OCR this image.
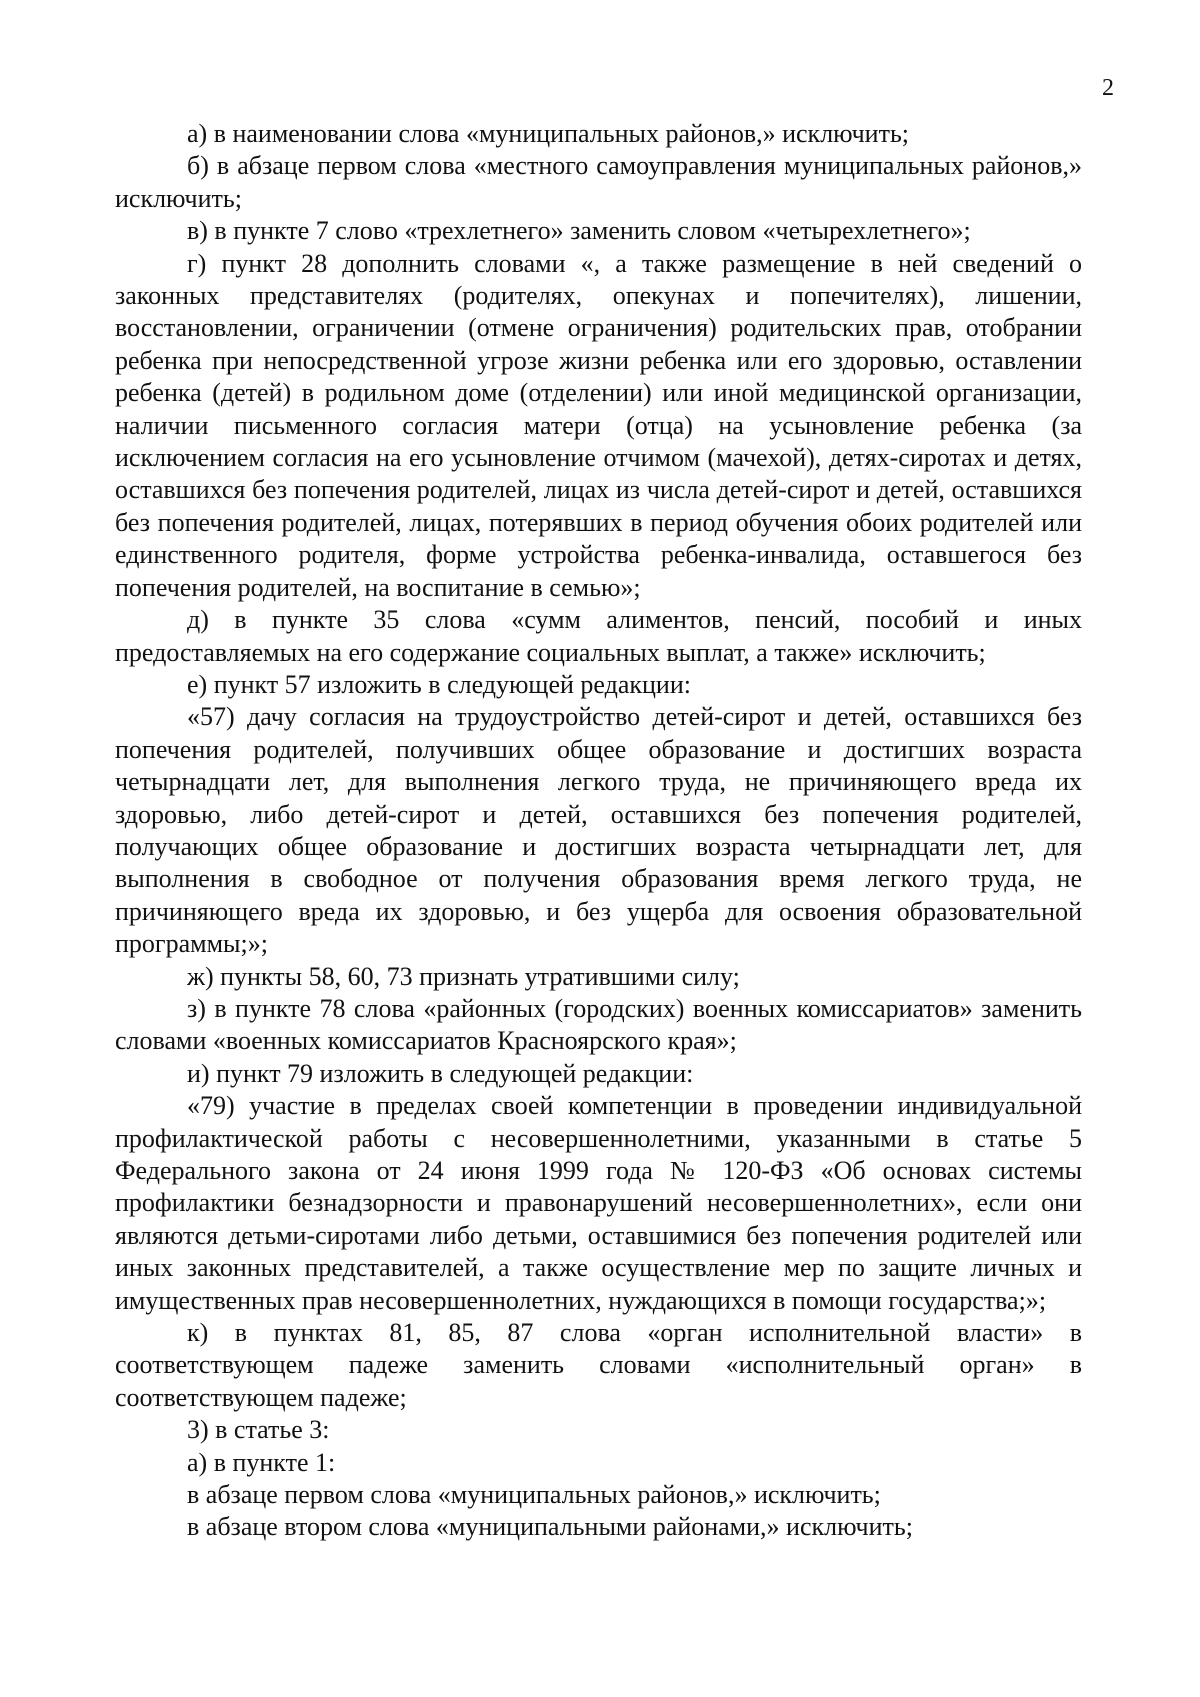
2

а) в наименовании слова «муниципальных районов,» исключить;

б) в абзаце первом слова «местного самоуправления муниципальных районов,» исключить;

в) в пункте 7 слово «трехлетнего» заменить словом «четырехлетнего»;

г) пункт 28 дополнить словами «, а также размещение в ней сведений о законных представителях (родителях, опекунах и попечителях), лишении, восстановлении, ограничении (отмене ограничения) родительских прав, отобрании ребенка при непосредственной угрозе жизни ребенка или его здоровью, оставлении ребенка (детей) в родильном доме (отделении) или иной медицинской организации, наличии письменного согласия матери (отца) на усыновление ребенка (за исключением согласия на его усыновление отчимом (мачехой), детях-сиротах и детях, оставшихся без попечения родителей, лицах из числа детей-сирот и детей, оставшихся без попечения родителей, лицах, потерявших в период обучения обоих родителей или единственного родителя, форме устройства ребенка-инвалида, оставшегося без попечения родителей, на воспитание в семью»;

д) в пункте 35 слова «сумм алиментов, пенсий, пособий и иных предоставляемых на его содержание социальных выплат, а также» исключить;

е) пункт 57 изложить в следующей редакции:

«57) дачу согласия на трудоустройство детей-сирот и детей, оставшихся без попечения родителей, получивших общее образование и достигших возраста четырнадцати лет, для выполнения легкого труда, не причиняющего вреда их здоровью, либо детей-сирот и детей, оставшихся без попечения родителей, получающих общее образование и достигших возраста четырнадцати лет, для выполнения в свободное от получения образования время легкого труда, не причиняющего вреда их здоровью, и без ущерба для освоения образовательной программы;»;

ж) пункты 58, 60, 73 признать утратившими силу;

з) в пункте 78 слова «районных (городских) военных комиссариатов» заменить словами «военных комиссариатов Красноярского края»;

и) пункт 79 изложить в следующей редакции:

«79) участие в пределах своей компетенции в проведении индивидуальной профилактической работы с несовершеннолетними, указанными в статье 5 Федерального закона от 24 июня 1999 года № 120-ФЗ «Об основах системы профилактики безнадзорности и правонарушений несовершеннолетних», если они являются детьми-сиротами либо детьми, оставшимися без попечения родителей или иных законных представителей, а также осуществление мер по защите личных и имущественных прав несовершеннолетних, нуждающихся в помощи государства;»;

к) в пунктах 81, 85, 87 слова «орган исполнительной власти» в соответствующем падеже заменить словами «исполнительный орган» в соответствующем падеже;

3) в статье 3:

а) в пункте 1:

в абзаце первом слова «муниципальных районов,» исключить;

в абзаце втором слова «муниципальными районами,» исключить;
